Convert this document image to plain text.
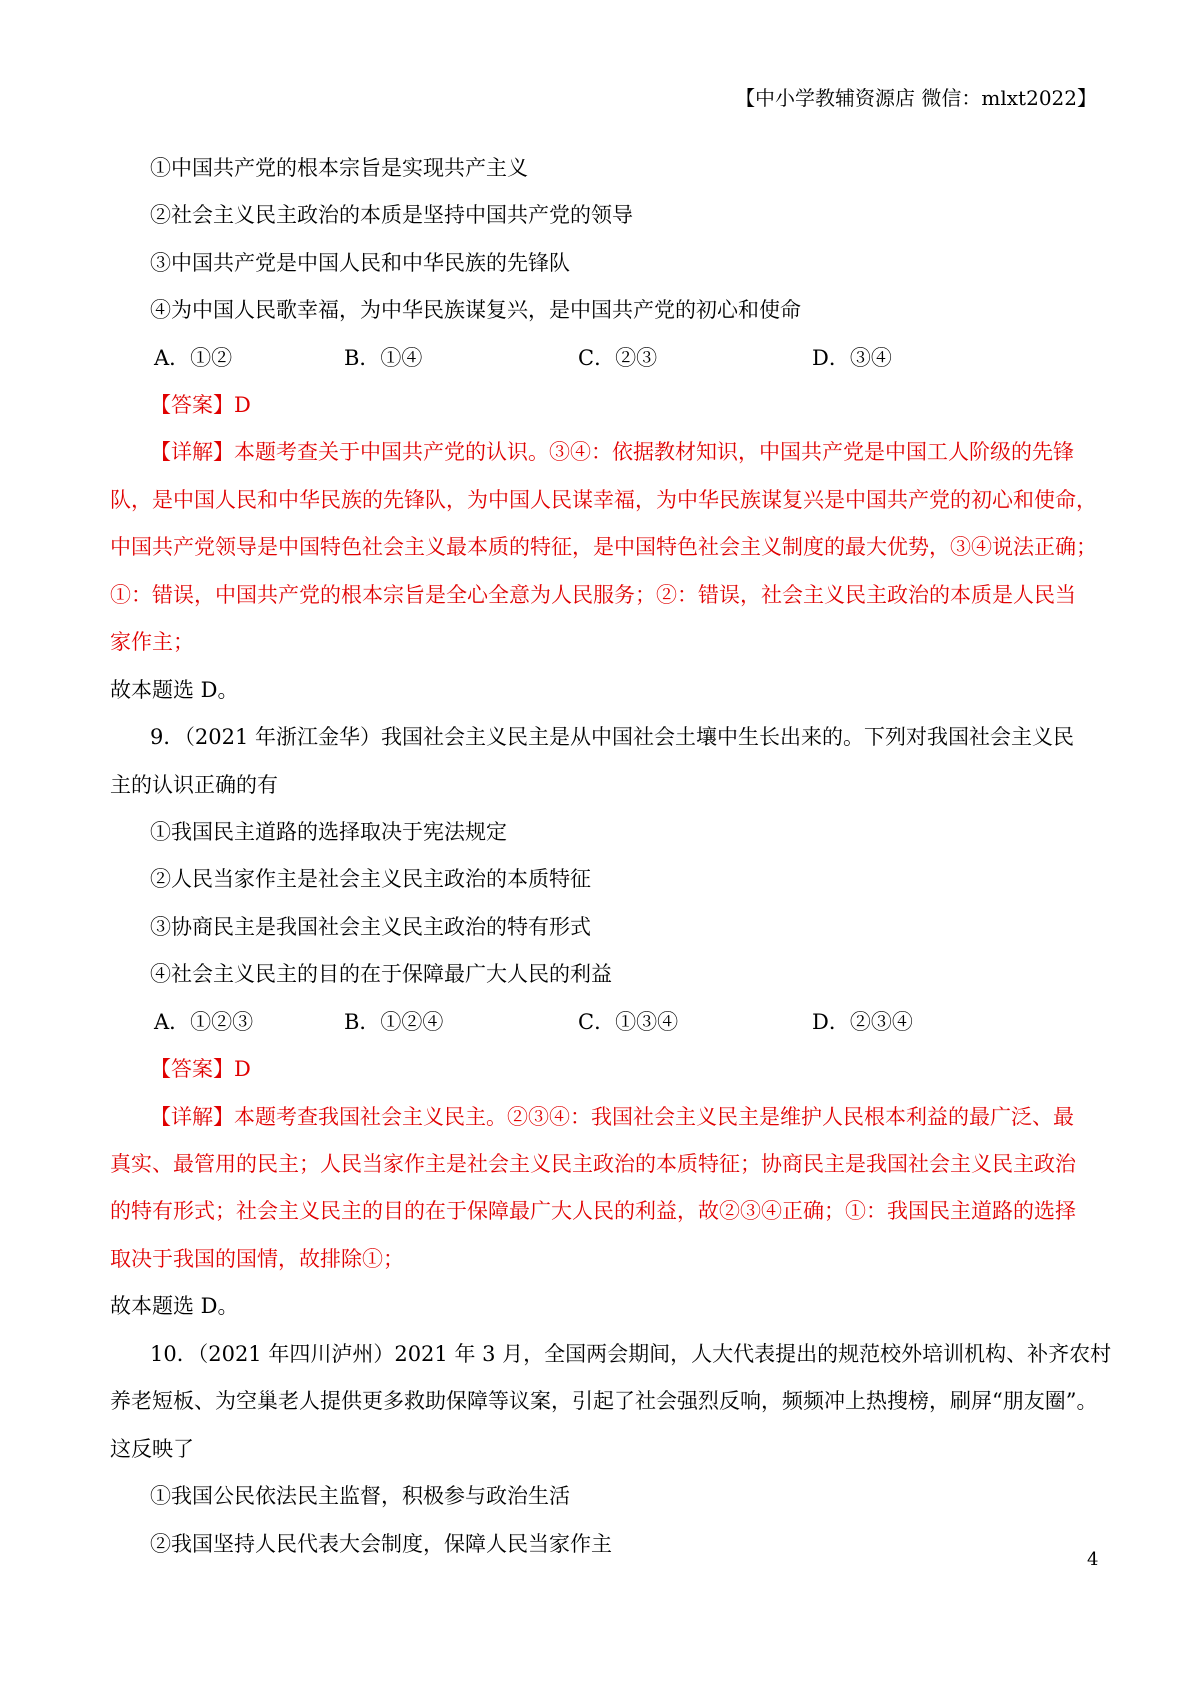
【中小学教辅资源店 微信：mlxt2022】
①中国共产党的根本宗旨是实现共产主义
②社会主义民主政治的本质是坚持中国共产党的领导
③中国共产党是中国人民和中华民族的先锋队
④为中国人民歌幸福，为中华民族谋复兴，是中国共产党的初心和使命
A．①②	B．①④	C．②③	D．③④
【答案】D
【详解】本题考查关于中国共产党的认识。③④：依据教材知识，中国共产党是中国工人阶级的先锋
队，是中国人民和中华民族的先锋队，为中国人民谋幸福，为中华民族谋复兴是中国共产党的初心和使命，
中国共产党领导是中国特色社会主义最本质的特征，是中国特色社会主义制度的最大优势，③④说法正确；
①：错误，中国共产党的根本宗旨是全心全意为人民服务；②：错误，社会主义民主政治的本质是人民当
家作主；
故本题选 D。
9．（2021 年浙江金华）我国社会主义民主是从中国社会土壤中生长出来的。下列对我国社会主义民
主的认识正确的有
①我国民主道路的选择取决于宪法规定
②人民当家作主是社会主义民主政治的本质特征
③协商民主是我国社会主义民主政治的特有形式
④社会主义民主的目的在于保障最广大人民的利益
A．①②③	B．①②④	C．①③④	D．②③④
【答案】D
【详解】本题考查我国社会主义民主。②③④：我国社会主义民主是维护人民根本利益的最广泛、最
真实、最管用的民主；人民当家作主是社会主义民主政治的本质特征；协商民主是我国社会主义民主政治
的特有形式；社会主义民主的目的在于保障最广大人民的利益，故②③④正确；①：我国民主道路的选择
取决于我国的国情，故排除①；
故本题选 D。
10．（2021 年四川泸州）2021 年 3 月，全国两会期间，人大代表提出的规范校外培训机构、补齐农村
养老短板、为空巢老人提供更多救助保障等议案，引起了社会强烈反响，频频冲上热搜榜，刷屏“朋友圈”。
这反映了
①我国公民依法民主监督，积极参与政治生活
②我国坚持人民代表大会制度，保障人民当家作主
4
